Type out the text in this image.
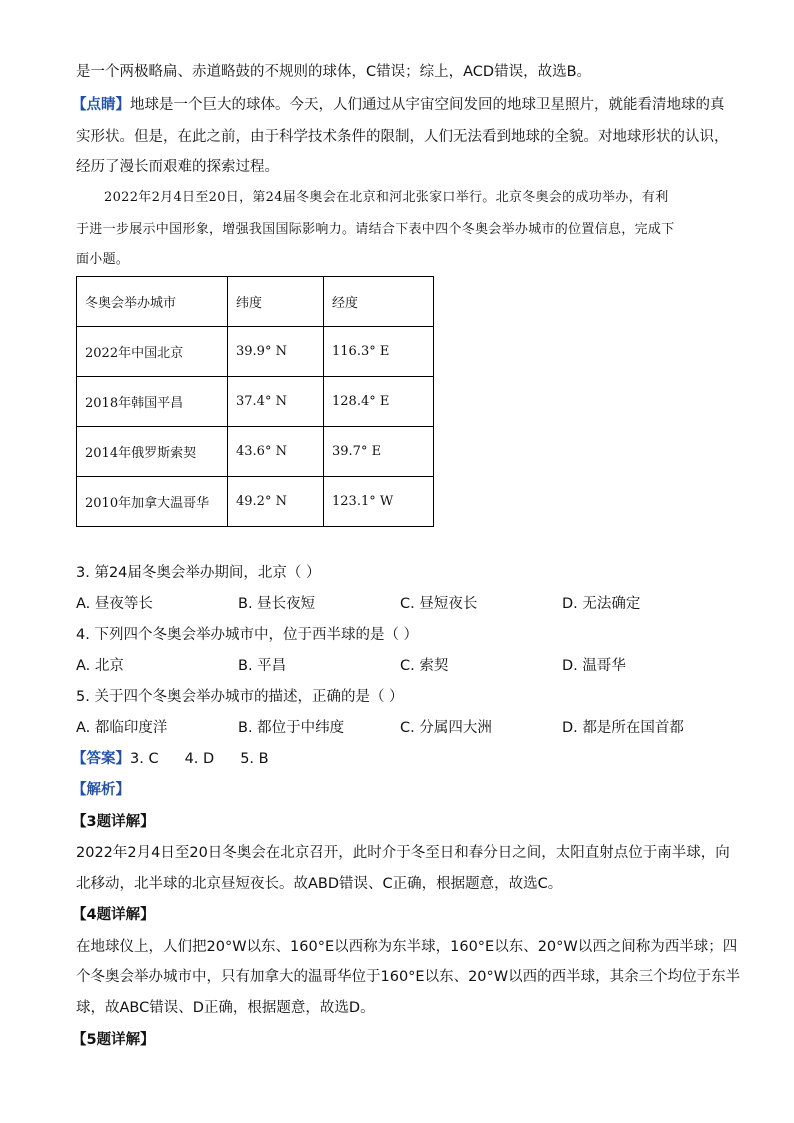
是一个两极略扁、赤道略鼓的不规则的球体，C错误；综上，ACD错误，故选B。
【点睛】地球是一个巨大的球体。今天，人们通过从宇宙空间发回的地球卫星照片，就能看清地球的真
实形状。但是，在此之前，由于科学技术条件的限制，人们无法看到地球的全貌。对地球形状的认识，
经历了漫长而艰难的探索过程。
2022年2月4日至20日，第24届冬奥会在北京和河北张家口举行。北京冬奥会的成功举办，有利
于进一步展示中国形象，增强我国国际影响力。请结合下表中四个冬奥会举办城市的位置信息，完成下
面小题。
冬奥会举办城市	纬度	经度
2022年中国北京	39.9° N	116.3° E
2018年韩国平昌	37.4° N	128.4° E
2014年俄罗斯索契	43.6° N	39.7° E
2010年加拿大温哥华	49.2° N	123.1° W
3. 第24届冬奥会举办期间，北京（ ）
A. 昼夜等长	B. 昼长夜短	C. 昼短夜长	D. 无法确定
4. 下列四个冬奥会举办城市中，位于西半球的是（ ）
A. 北京	B. 平昌	C. 索契	D. 温哥华
5. 关于四个冬奥会举办城市的描述，正确的是（ ）
A. 都临印度洋	B. 都位于中纬度	C. 分属四大洲	D. 都是所在国首都
【答案】3. C 4. D 5. B
【解析】
【3题详解】
2022年2月4日至20日冬奥会在北京召开，此时介于冬至日和春分日之间，太阳直射点位于南半球，向
北移动，北半球的北京昼短夜长。故ABD错误、C正确，根据题意，故选C。
【4题详解】
在地球仪上，人们把20°W以东、160°E以西称为东半球，160°E以东、20°W以西之间称为西半球；四
个冬奥会举办城市中，只有加拿大的温哥华位于160°E以东、20°W以西的西半球，其余三个均位于东半
球，故ABC错误、D正确，根据题意，故选D。
【5题详解】
